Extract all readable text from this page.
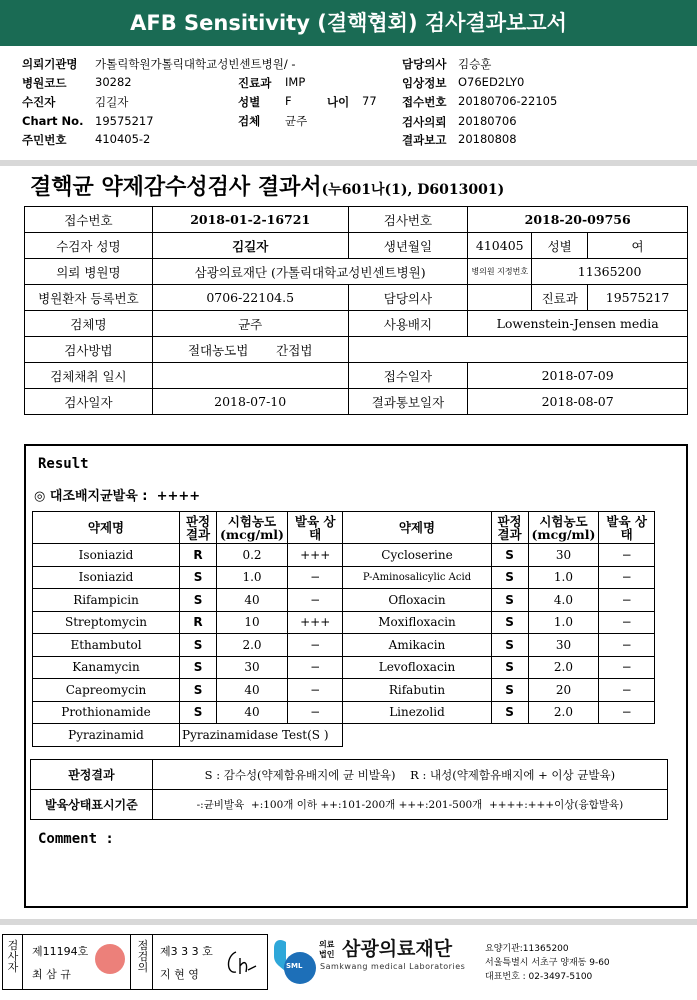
AFB Sensitivity (결핵협회) 검사결과보고서
의뢰기관명 가톨릭학원가톨릭대학교성빈센트병원/ -
병원코드 30282
수진자	김길자
Chart No. 19575217
주민번호 410405-2
진료과 IMP
성별 F	나이 77
검체 균주
담당의사 김승훈
임상정보 O76ED2LY0
접수번호 20180706-22105
검사의뢰 20180706
결과보고 20180808
결핵균 약제감수성검사 결과서(누601나(1), D6013001)
접수번호	2018-01-2-16721	검사번호	2018-20-09756		
수검자 성명	김길자	생년월일	410405	성별	여
의뢰 병원명	삼광의료재단 (가톨릭대학교성빈센트병원)		병의원 지정번호	11365200	
병원환자 등록번호	0706-22104.5	담당의사		진료과	19575217
검체명	균주	사용배지	Lowenstein-Jensen media		
검사방법	절대농도법 간접법				
검체채취 일시		접수일자	2018-07-09		
검사일자	2018-07-10	결과통보일자	2018-08-07		
Result
◎ 대조배지균발육 : ++++
약제명	판정 결과	시험농도 (mcg/ml)	발육 상태	약제명	판정 결과	시험농도 (mcg/ml)	발육 상태
Isoniazid	R	0.2	+++	Cycloserine	S	30	−
Isoniazid	S	1.0	−	P-Aminosalicylic Acid	S	1.0	−
Rifampicin	S	40	−	Ofloxacin	S	4.0	−
Streptomycin	R	10	+++	Moxifloxacin	S	1.0	−
Ethambutol	S	2.0	−	Amikacin	S	30	−
Kanamycin	S	30	−	Levofloxacin	S	2.0	−
Capreomycin	S	40	−	Rifabutin	S	20	−
Prothionamide	S	40	−	Linezolid	S	2.0	−
Pyrazinamid	Pyrazinamidase Test(S )						
판정결과	S : 감수성(약제함유배지에 균 비발육)    R : 내성(약제함유배지에 + 이상 균발육)
발육상태표시기준	-:균비발육  +:100개 이하 ++:101-200개 +++:201-500개  ++++:+++이상(융합발육)
Comment :
검사자
제11194호
최 삼 규
점검의
제3 3 3 호
지 현 영
SML
의료 법인 삼광의료재단
Samkwang medical Laboratories
요양기관:11365200
서울특별시 서초구 양재동 9-60
대표번호 : 02-3497-5100
